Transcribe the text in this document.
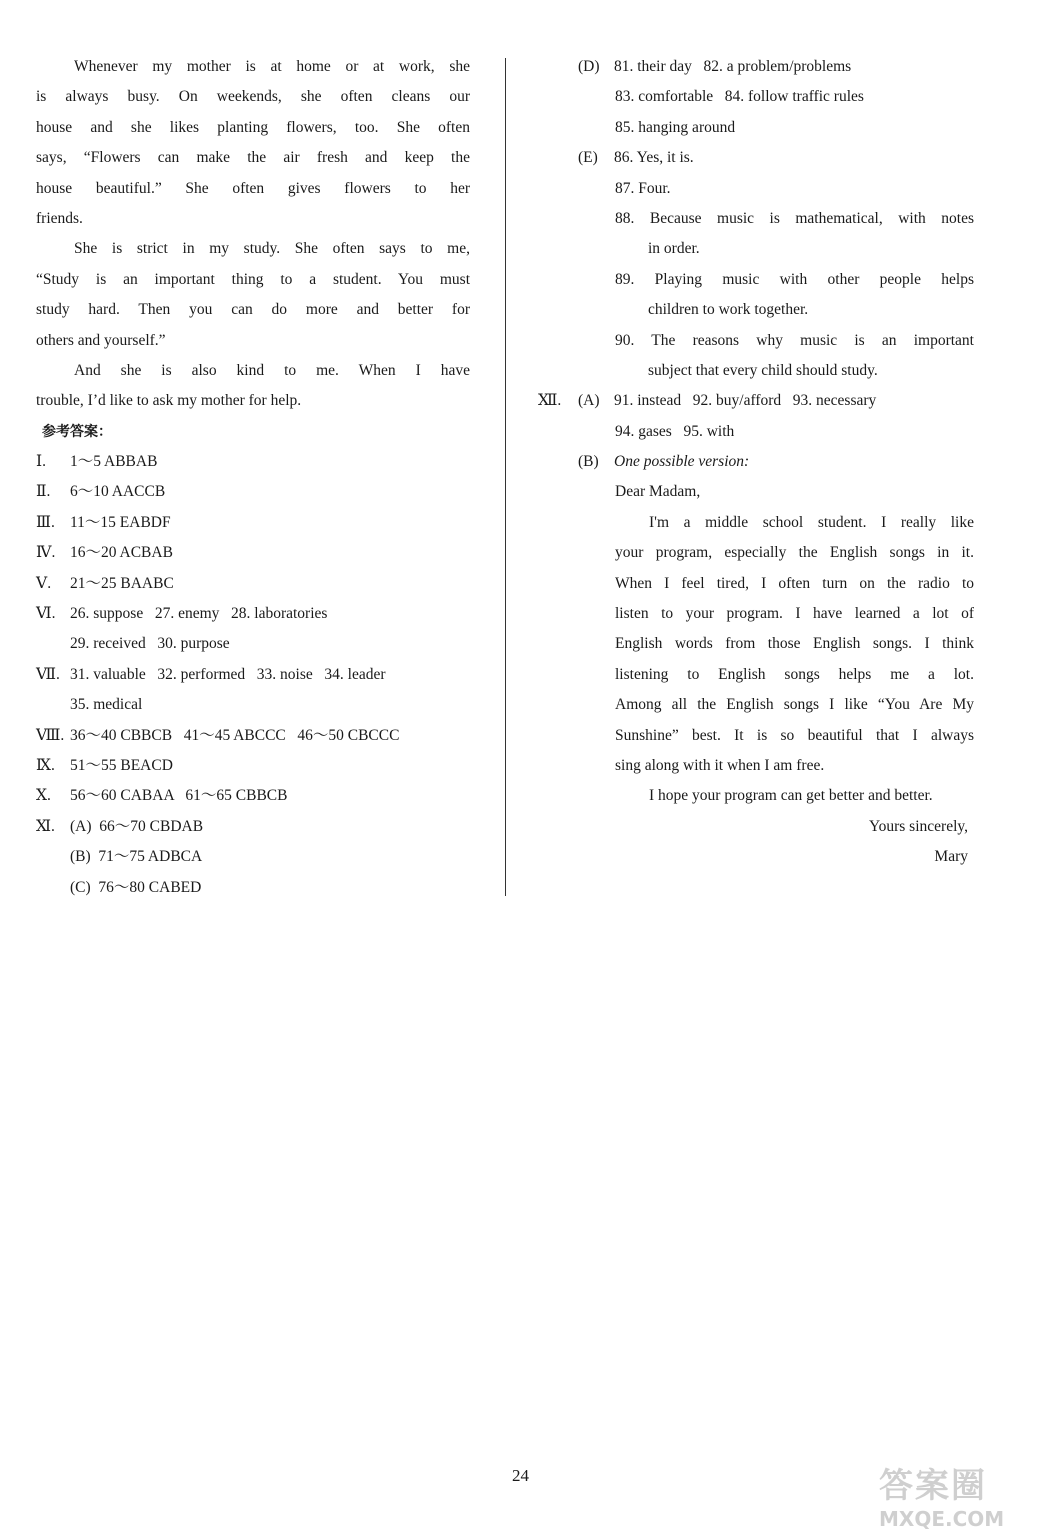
Whenever my mother is at home or at work, she
is always busy. On weekends, she often cleans our
house and she likes planting flowers, too. She often
says, “Flowers can make the air fresh and keep the
house beautiful.” She often gives flowers to her
friends.
She is strict in my study. She often says to me,
“Study is an important thing to a student. You must
study hard. Then you can do more and better for
others and yourself.”
And she is also kind to me. When I have
trouble, I’d like to ask my mother for help.
参考答案：
Ⅰ. 1～5 ABBAB
Ⅱ. 6～10 AACCB
Ⅲ. 11～15 EABDF
Ⅳ. 16～20 ACBAB
Ⅴ. 21～25 BAABC
Ⅵ. 26. suppose   27. enemy   28. laboratories
29. received   30. purpose
Ⅶ. 31. valuable   32. performed   33. noise   34. leader
35. medical
Ⅷ. 36～40 CBBCB   41～45 ABCCC   46～50 CBCCC
Ⅸ. 51～55 BEACD
Ⅹ. 56～60 CABAA   61～65 CBBCB
Ⅺ. (A)  66～70 CBDAB
(B)  71～75 ADBCA
(C)  76～80 CABED
(D) 81. their day   82. a problem/problems
83. comfortable   84. follow traffic rules
85. hanging around
(E) 86. Yes, it is.
87. Four.
88. Because music is mathematical, with notes
in order.
89. Playing music with other people helps
children to work together.
90. The reasons why music is an important
subject that every child should study.
Ⅻ. (A) 91. instead   92. buy/afford   93. necessary
94. gases   95. with
(B) One possible version:
Dear Madam,
I'm a middle school student. I really like
your program, especially the English songs in it.
When I feel tired, I often turn on the radio to
listen to your program. I have learned a lot of
English words from those English songs. I think
listening to English songs helps me a lot.
Among all the English songs I like “You Are My
Sunshine” best. It is so beautiful that I always
sing along with it when I am free.
I hope your program can get better and better.
Yours sincerely,
Mary
24	答案圈
MXQE.COM
